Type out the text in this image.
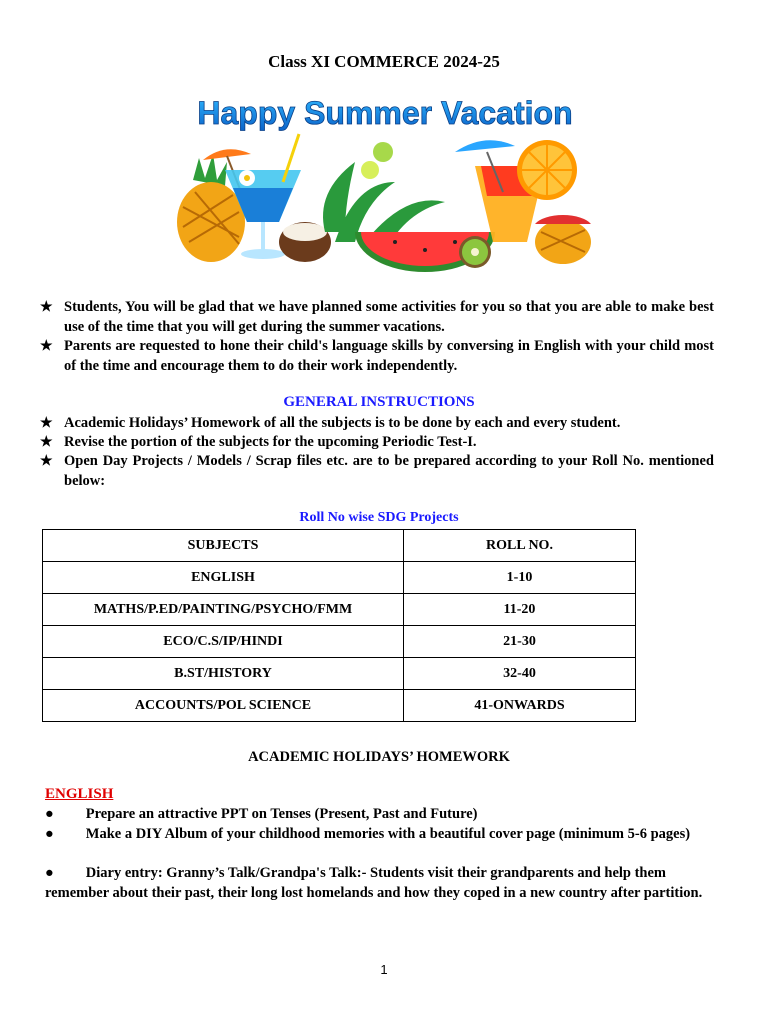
Class XI COMMERCE 2024-25
Happy Summer Vacation
★ Students, You will be glad that we have planned some activities for you so that you are able to make best use of the time that you will get during the summer vacations.
★ Parents are requested to hone their child's language skills by conversing in English with your child most of the time and encourage them to do their work independently.
GENERAL INSTRUCTIONS
★ Academic Holidays’ Homework of all the subjects is to be done by each and every student.
★ Revise the portion of the subjects for the upcoming Periodic Test-I.
★ Open Day Projects / Models / Scrap files etc. are to be prepared according to your Roll No. mentioned below:
Roll No wise SDG Projects
SUBJECTS	ROLL NO.
ENGLISH	1-10
MATHS/P.ED/PAINTING/PSYCHO/FMM	11-20
ECO/C.S/IP/HINDI	21-30
B.ST/HISTORY	32-40
ACCOUNTS/POL SCIENCE	41-ONWARDS
ACADEMIC HOLIDAYS’ HOMEWORK
ENGLISH
● Prepare an attractive PPT on Tenses (Present, Past and Future)
● Make a DIY Album of your childhood memories with a beautiful cover page (minimum 5-6 pages)
● Diary entry: Granny’s Talk/Grandpa's Talk:- Students visit their grandparents and help them remember about their past, their long lost homelands and how they coped in a new country after partition.
1
